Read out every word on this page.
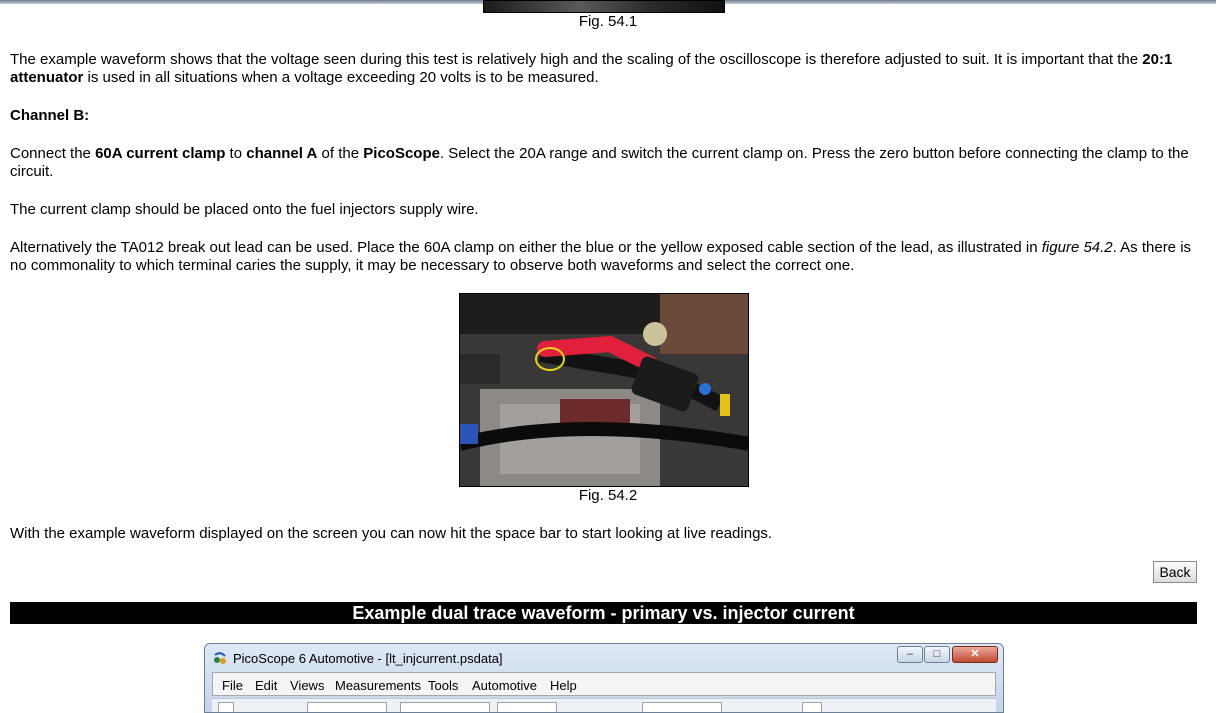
Fig. 54.1

The example waveform shows that the voltage seen during this test is relatively high and the scaling of the oscilloscope is therefore adjusted to suit. It is important that the 20:1 attenuator is used in all situations when a voltage exceeding 20 volts is to be measured.

Channel B:

Connect the 60A current clamp to channel A of the PicoScope. Select the 20A range and switch the current clamp on. Press the zero button before connecting the clamp to the circuit.

The current clamp should be placed onto the fuel injectors supply wire.

Alternatively the TA012 break out lead can be used. Place the 60A clamp on either the blue or the yellow exposed cable section of the lead, as illustrated in figure 54.2. As there is no commonality to which terminal caries the supply, it may be necessary to observe both waveforms and select the correct one.

Fig. 54.2

With the example waveform displayed on the screen you can now hit the space bar to start looking at live readings.

Back
Example dual trace waveform - primary vs. injector current
PicoScope 6 Automotive - [lt_injcurrent.psdata]	–	□	✕
File Edit Views Measurements Tools Automotive Help
